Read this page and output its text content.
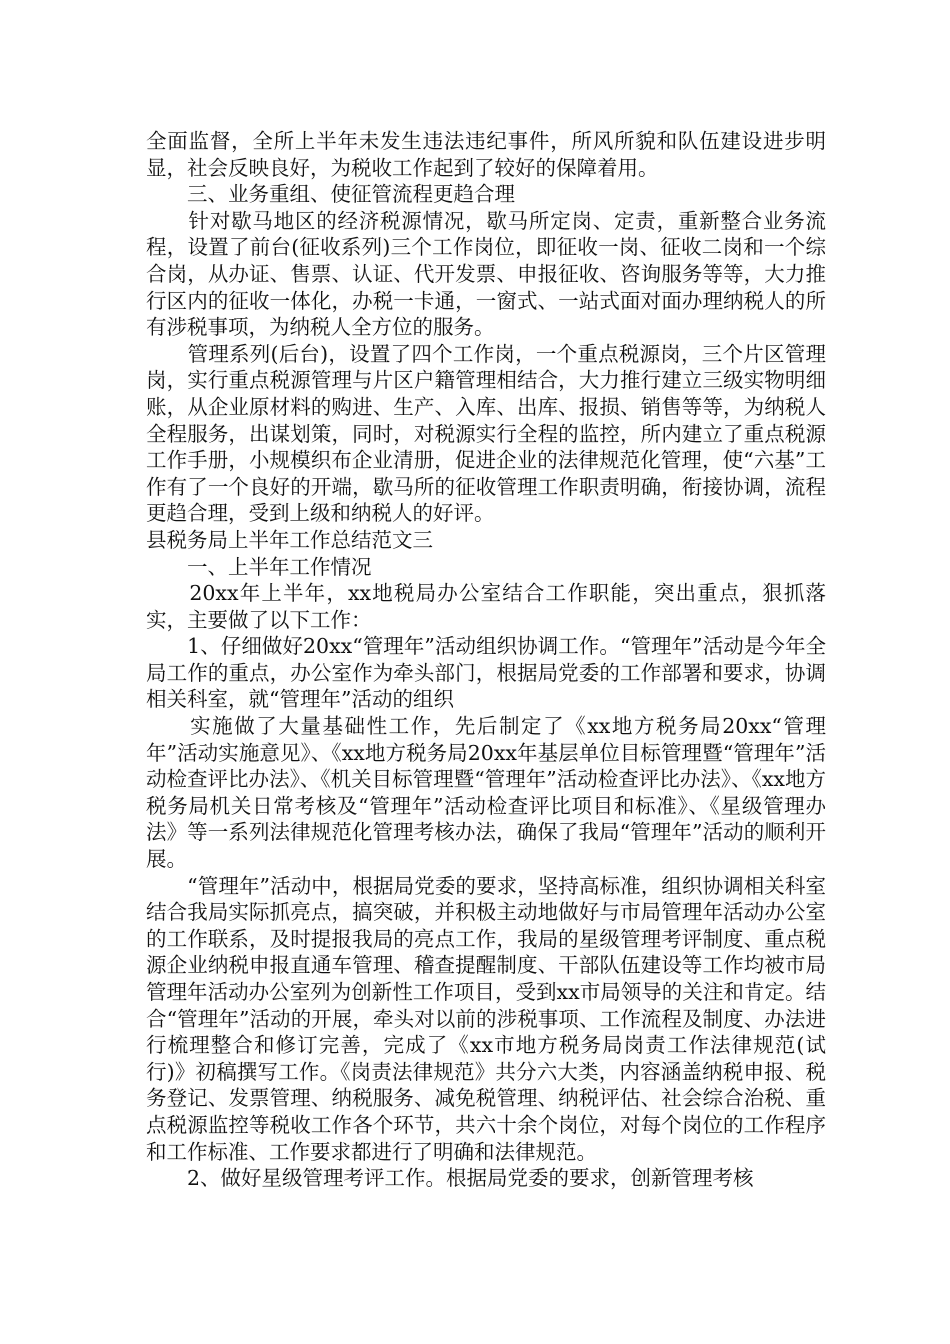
全面监督，全所上半年未发生违法违纪事件，所风所貌和队伍建设进步明显，社会反映良好，为税收工作起到了较好的保障着用。

　　三、业务重组、使征管流程更趋合理

　　针对歇马地区的经济税源情况，歇马所定岗、定责，重新整合业务流程，设置了前台(征收系列)三个工作岗位，即征收一岗、征收二岗和一个综合岗，从办证、售票、认证、代开发票、申报征收、咨询服务等等，大力推行区内的征收一体化，办税一卡通，一窗式、一站式面对面办理纳税人的所有涉税事项，为纳税人全方位的服务。

　　管理系列(后台)，设置了四个工作岗，一个重点税源岗，三个片区管理岗，实行重点税源管理与片区户籍管理相结合，大力推行建立三级实物明细账，从企业原材料的购进、生产、入库、出库、报损、销售等等，为纳税人全程服务，出谋划策，同时，对税源实行全程的监控，所内建立了重点税源工作手册，小规模织布企业清册，促进企业的法律规范化管理，使“六基”工作有了一个良好的开端，歇马所的征收管理工作职责明确，衔接协调，流程更趋合理，受到上级和纳税人的好评。

县税务局上半年工作总结范文三

　　一、上半年工作情况

　　20xx年上半年，xx地税局办公室结合工作职能，突出重点，狠抓落实，主要做了以下工作：

　　1、仔细做好20xx“管理年”活动组织协调工作。“管理年”活动是今年全局工作的重点，办公室作为牵头部门，根据局党委的工作部署和要求，协调相关科室，就“管理年”活动的组织

　　实施做了大量基础性工作，先后制定了《xx地方税务局20xx“管理年”活动实施意见》、《xx地方税务局20xx年基层单位目标管理暨“管理年”活动检查评比办法》、《机关目标管理暨“管理年”活动检查评比办法》、《xx地方税务局机关日常考核及“管理年”活动检查评比项目和标准》、《星级管理办法》等一系列法律规范化管理考核办法，确保了我局“管理年”活动的顺利开展。

　　“管理年”活动中，根据局党委的要求，坚持高标准，组织协调相关科室结合我局实际抓亮点，搞突破，并积极主动地做好与市局管理年活动办公室的工作联系，及时提报我局的亮点工作，我局的星级管理考评制度、重点税源企业纳税申报直通车管理、稽查提醒制度、干部队伍建设等工作均被市局管理年活动办公室列为创新性工作项目，受到xx市局领导的关注和肯定。结合“管理年”活动的开展，牵头对以前的涉税事项、工作流程及制度、办法进行梳理整合和修订完善，完成了《xx市地方税务局岗责工作法律规范(试行)》初稿撰写工作。《岗责法律规范》共分六大类，内容涵盖纳税申报、税务登记、发票管理、纳税服务、减免税管理、纳税评估、社会综合治税、重点税源监控等税收工作各个环节，共六十余个岗位，对每个岗位的工作程序和工作标准、工作要求都进行了明确和法律规范。

　　2、做好星级管理考评工作。根据局党委的要求，创新管理考核
